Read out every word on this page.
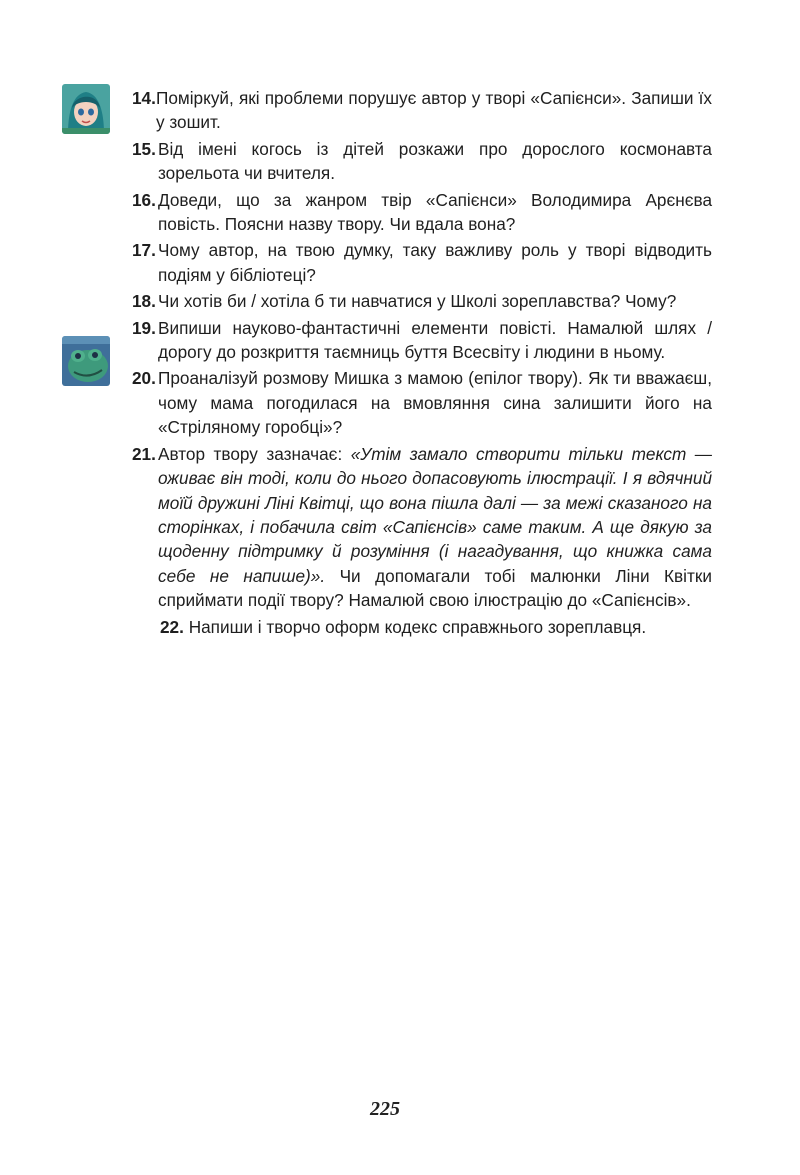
14. Поміркуй, які проблеми порушує автор у творі «Сапієнси». Запиши їх у зошит.
15. Від імені когось із дітей розкажи про дорослого космонавта зорельота чи вчителя.
16. Доведи, що за жанром твір «Сапієнси» Володимира Арєнєва повість. Поясни назву твору. Чи вдала вона?
17. Чому автор, на твою думку, таку важливу роль у творі відводить подіям у бібліотеці?
18. Чи хотів би / хотіла б ти навчатися у Школі зореплавства? Чому?
19. Випиши науково-фантастичні елементи повісті. Намалюй шлях / дорогу до розкриття таємниць буття Всесвіту і людини в ньому.
20. Проаналізуй розмову Мишка з мамою (епілог твору). Як ти вважаєш, чому мама погодилася на вмовляння сина залишити його на «Стріляному горобці»?
21. Автор твору зазначає: «Утім замало створити тільки текст — оживає він тоді, коли до нього допасовують ілюстрації. І я вдячний моїй дружині Ліні Квітці, що вона пішла далі — за межі сказаного на сторінках, і побачила світ «Сапієнсів» саме таким. А ще дякую за щоденну підтримку й розуміння (і нагадування, що книжка сама себе не напише)». Чи допомагали тобі малюнки Ліни Квітки сприймати події твору? Намалюй свою ілюстрацію до «Сапієнсів».
22. Напиши і творчо оформ кодекс справжнього зореплавця.
225
